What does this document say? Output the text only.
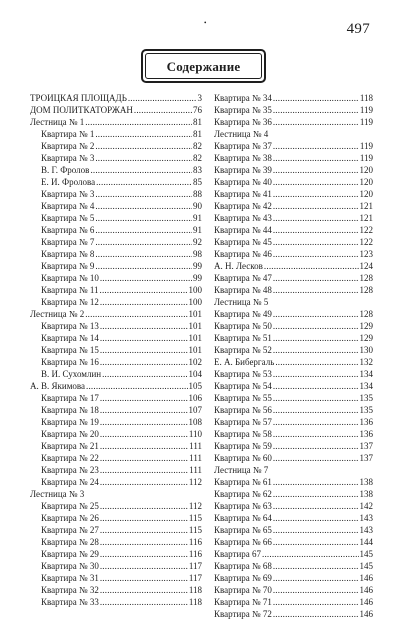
•	497
Содержание
ТРОИЦКАЯ ПЛОЩАДЬ .....	3
ДОМ ПОЛИТКАТОРЖАН .....	76
Лестница № 1 .....	81
Квартира № 1 .....	81
Квартира № 2 .....	82
Квартира № 3 .....	82
В. Г. Фролов .....	83
Е. И. Фролова .....	85
Квартира № 3 .....	88
Квартира № 4 .....	90
Квартира № 5 .....	91
Квартира № 6 .....	91
Квартира № 7 .....	92
Квартира № 8 .....	98
Квартира № 9 .....	99
Квартира № 10 .....	99
Квартира № 11 .....	100
Квартира № 12 .....	100
Лестница № 2 .....	101
Квартира № 13 .....	101
Квартира № 14 .....	101
Квартира № 15 .....	101
Квартира № 16 .....	102
В. И. Сухомлин .....	104
А. В. Якимова .....	105
Квартира № 17 .....	106
Квартира № 18 .....	107
Квартира № 19 .....	108
Квартира № 20 .....	110
Квартира № 21 .....	111
Квартира № 22 .....	111
Квартира № 23 .....	111
Квартира № 24 .....	112
Лестница № 3
Квартира № 25 .....	112
Квартира № 26 .....	115
Квартира № 27 .....	115
Квартира № 28 .....	116
Квартира № 29 .....	116
Квартира № 30 .....	117
Квартира № 31 .....	117
Квартира № 32 .....	118
Квартира № 33 .....	118
Квартира № 34 .....	118
Квартира № 35 .....	119
Квартира № 36 .....	119
Лестница № 4
Квартира № 37 .....	119
Квартира № 38 .....	119
Квартира № 39 .....	120
Квартира № 40 .....	120
Квартира № 41 .....	120
Квартира № 42 .....	121
Квартира № 43 .....	121
Квартира № 44 .....	122
Квартира № 45 .....	122
Квартира № 46 .....	123
А. Н. Лесков .....	124
Квартира № 47 .....	128
Квартира № 48 .....	128
Лестница № 5
Квартира № 49 .....	128
Квартира № 50 .....	129
Квартира № 51 .....	129
Квартира № 52 .....	130
Е. А. Бибергаль .....	132
Квартира № 53 .....	134
Квартира № 54 .....	134
Квартира № 55 .....	135
Квартира № 56 .....	135
Квартира № 57 .....	136
Квартира № 58 .....	136
Квартира № 59 .....	137
Квартира № 60 .....	137
Лестница № 7
Квартира № 61 .....	138
Квартира № 62 .....	138
Квартира № 63 .....	142
Квартира № 64 .....	143
Квартира № 65 .....	143
Квартира № 66 .....	144
Квартира 67 .....	145
Квартира № 68 .....	145
Квартира № 69 .....	146
Квартира № 70 .....	146
Квартира № 71 .....	146
Квартира № 72 .....	146
